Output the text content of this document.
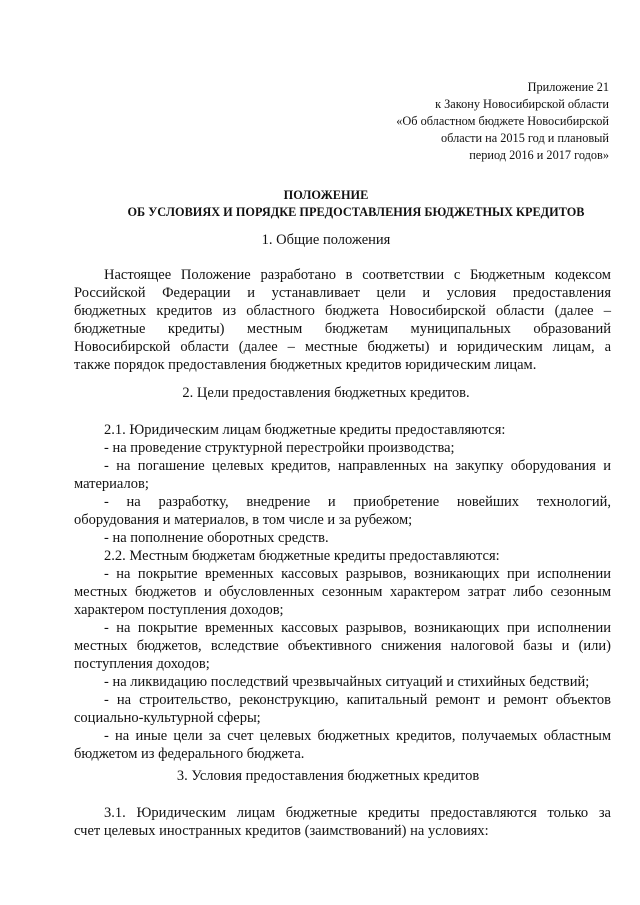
Приложение 21
к Закону Новосибирской области
«Об областном бюджете Новосибирской
области на 2015 год и плановый
период 2016 и 2017 годов»
ПОЛОЖЕНИЕ
ОБ УСЛОВИЯХ И ПОРЯДКЕ ПРЕДОСТАВЛЕНИЯ БЮДЖЕТНЫХ КРЕДИТОВ
1. Общие положения
Настоящее Положение разработано в соответствии с Бюджетным кодексом
Российской Федерации и устанавливает цели и условия предоставления
бюджетных кредитов из областного бюджета Новосибирской области (далее –
бюджетные кредиты) местным бюджетам муниципальных образований
Новосибирской области (далее – местные бюджеты) и юридическим лицам, а
также порядок предоставления бюджетных кредитов юридическим лицам.
2. Цели предоставления бюджетных кредитов.
2.1. Юридическим лицам бюджетные кредиты предоставляются:
- на проведение структурной перестройки производства;
- на погашение целевых кредитов, направленных на закупку оборудования и
материалов;
- на разработку, внедрение и приобретение новейших технологий,
оборудования и материалов, в том числе и за рубежом;
- на пополнение оборотных средств.
2.2. Местным бюджетам бюджетные кредиты предоставляются:
- на покрытие временных кассовых разрывов, возникающих при исполнении
местных бюджетов и обусловленных сезонным характером затрат либо сезонным
характером поступления доходов;
- на покрытие временных кассовых разрывов, возникающих при исполнении
местных бюджетов, вследствие объективного снижения налоговой базы и (или)
поступления доходов;
- на ликвидацию последствий чрезвычайных ситуаций и стихийных бедствий;
- на строительство, реконструкцию, капитальный ремонт и ремонт объектов
социально-культурной сферы;
- на иные цели за счет целевых бюджетных кредитов, получаемых областным
бюджетом из федерального бюджета.
3. Условия предоставления бюджетных кредитов
3.1. Юридическим лицам бюджетные кредиты предоставляются только за
счет целевых иностранных кредитов (заимствований) на условиях:
